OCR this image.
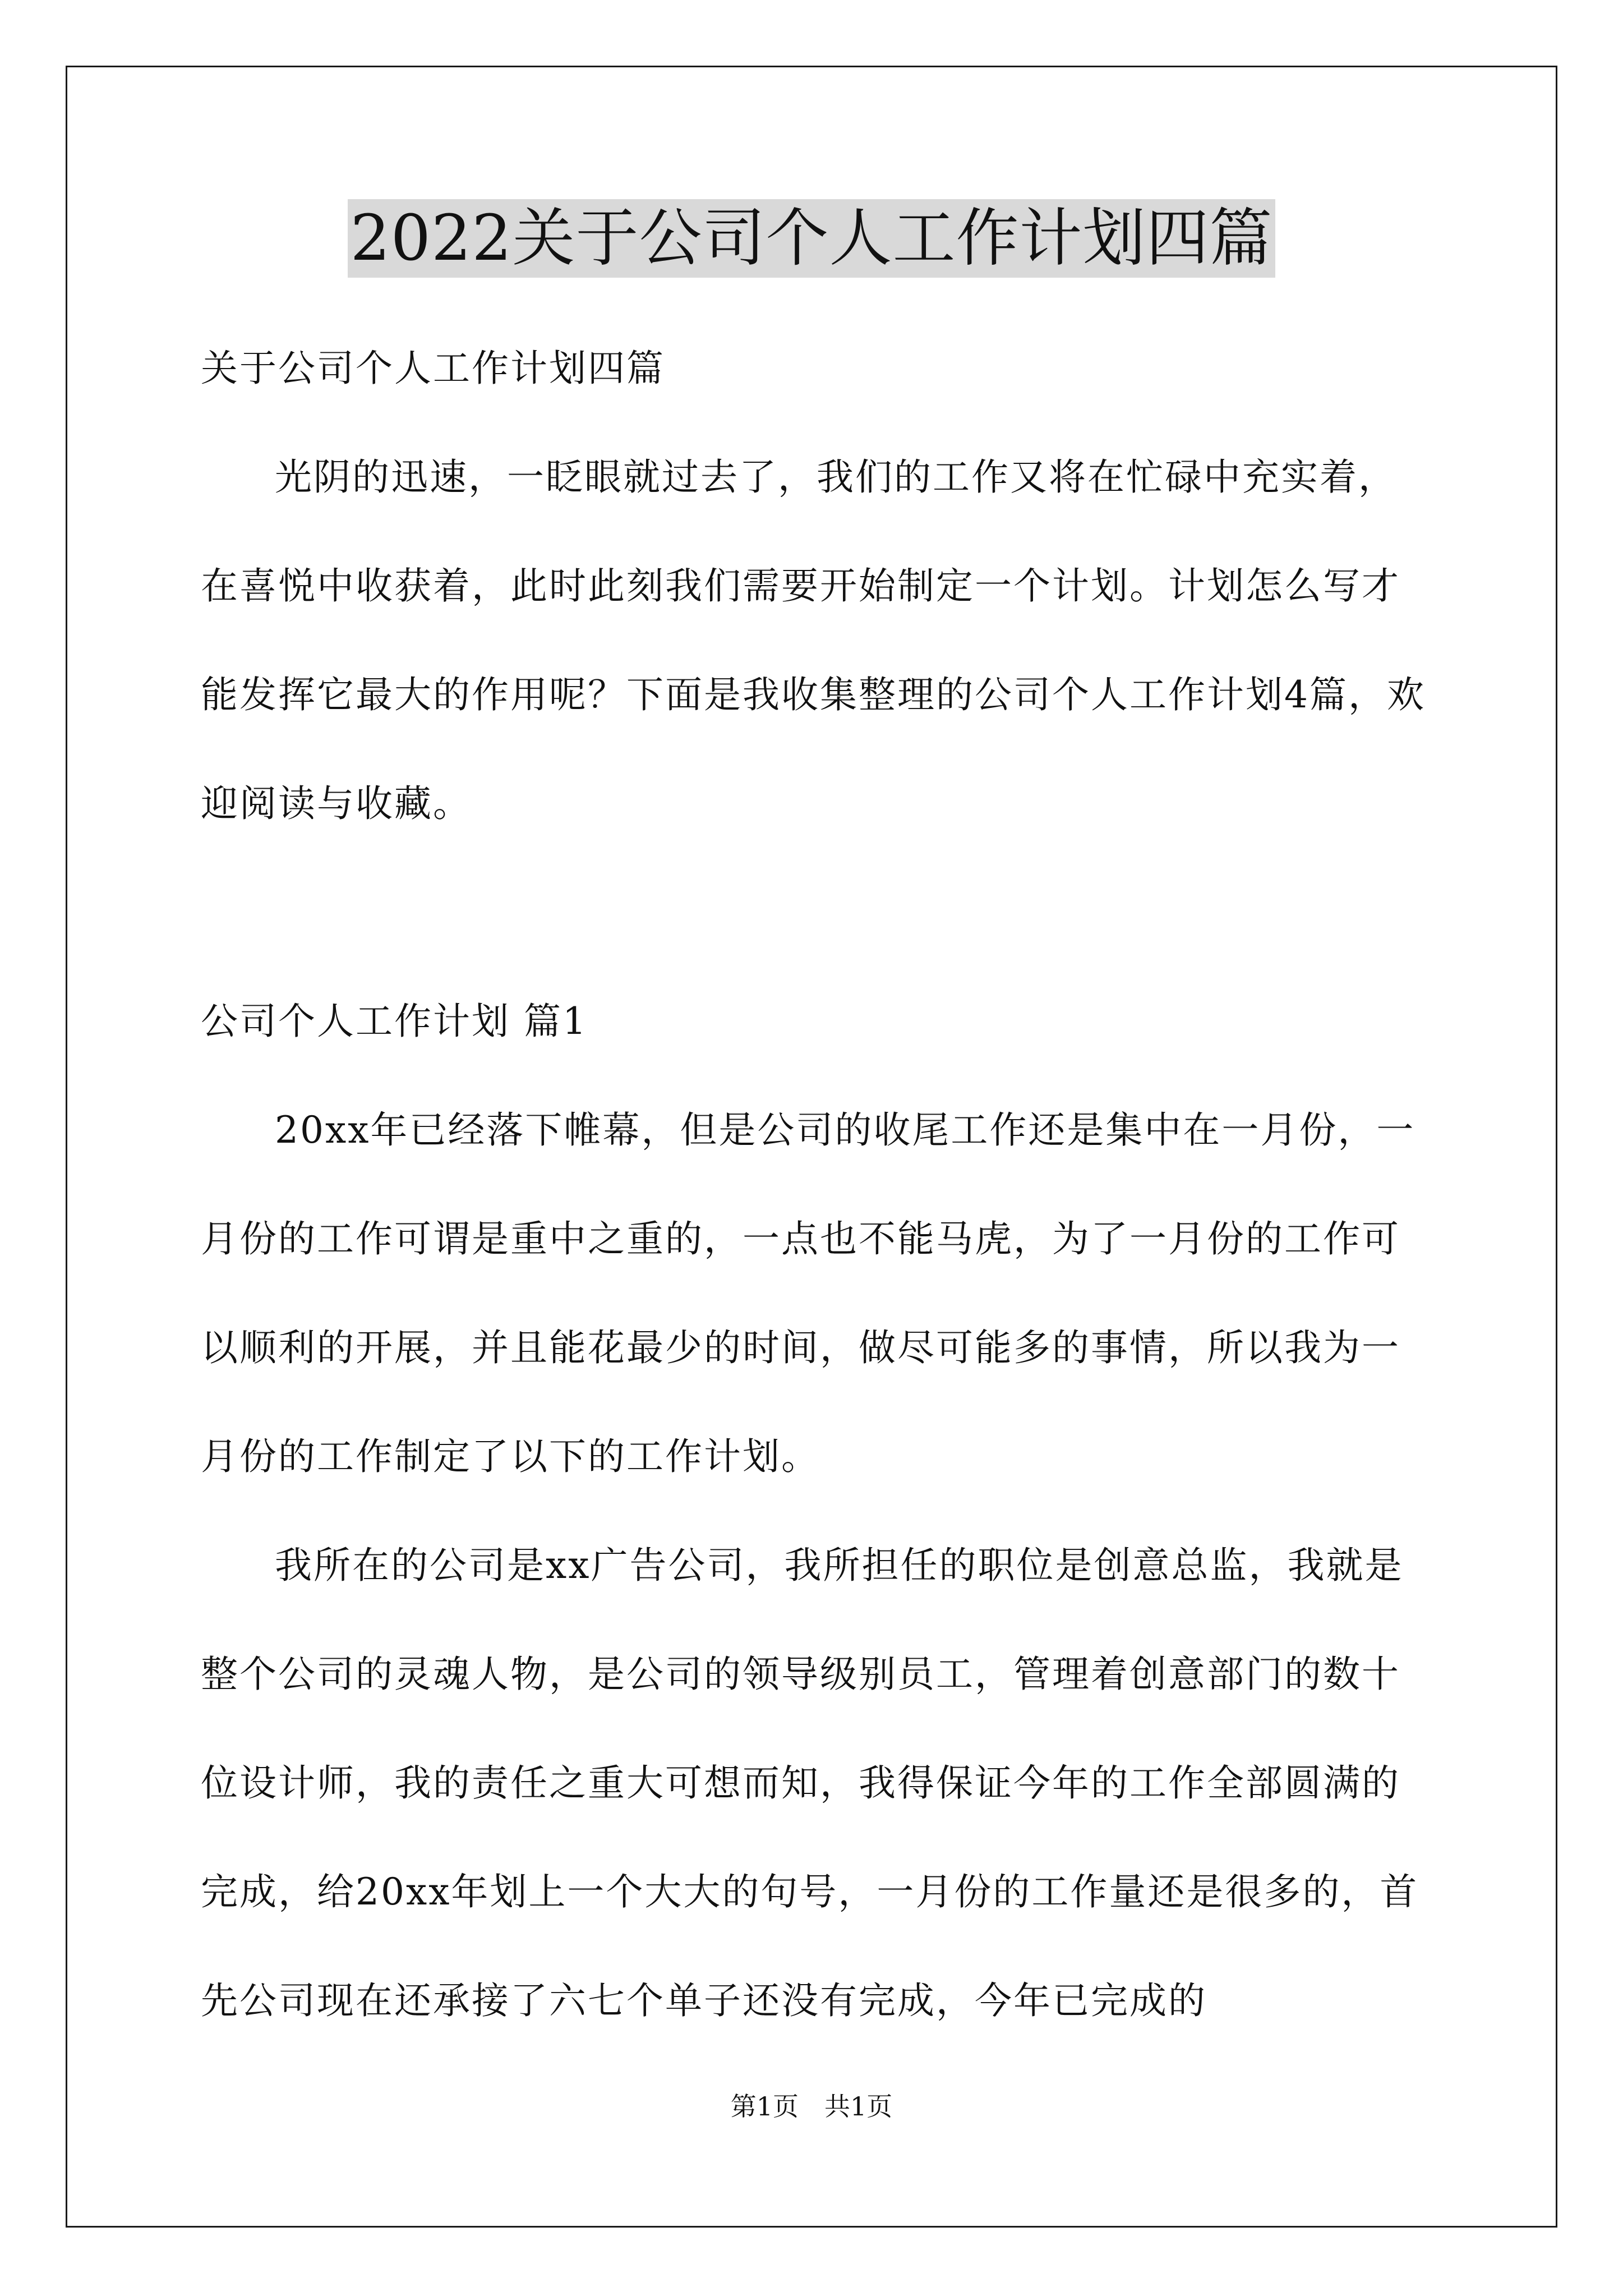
2022关于公司个人工作计划四篇

关于公司个人工作计划四篇

光阴的迅速，一眨眼就过去了，我们的工作又将在忙碌中充实着，在喜悦中收获着，此时此刻我们需要开始制定一个计划。计划怎么写才能发挥它最大的作用呢？下面是我收集整理的公司个人工作计划4篇，欢迎阅读与收藏。

公司个人工作计划 篇1

20xx年已经落下帷幕，但是公司的收尾工作还是集中在一月份，一月份的工作可谓是重中之重的，一点也不能马虎，为了一月份的工作可以顺利的开展，并且能花最少的时间，做尽可能多的事情，所以我为一月份的工作制定了以下的工作计划。

我所在的公司是xx广告公司，我所担任的职位是创意总监，我就是整个公司的灵魂人物，是公司的领导级别员工，管理着创意部门的数十位设计师，我的责任之重大可想而知，我得保证今年的工作全部圆满的完成，给20xx年划上一个大大的句号，一月份的工作量还是很多的，首先公司现在还承接了六七个单子还没有完成，今年已完成的

第1页　共1页
